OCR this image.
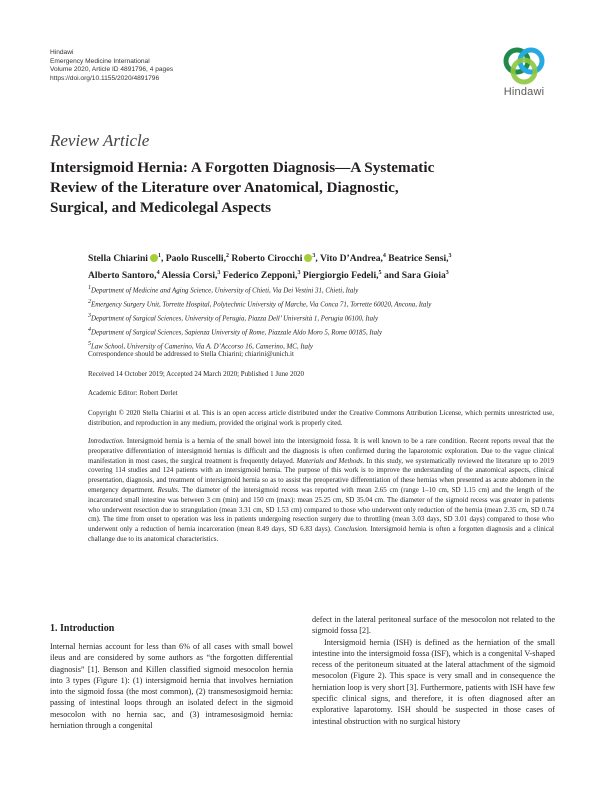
Hindawi
Emergency Medicine International
Volume 2020, Article ID 4891796, 4 pages
https://doi.org/10.1155/2020/4891796
Hindawi
Review Article
Intersigmoid Hernia: A Forgotten Diagnosis—A Systematic
Review of the Literature over Anatomical, Diagnostic,
Surgical, and Medicolegal Aspects
Stella Chiarini $^1$, Paolo Ruscelli,$^2$ Roberto Cirocchi $^3$, Vito D’Andrea,$^4$ Beatrice Sensi,$^3$
Alberto Santoro,$^4$ Alessia Corsi,$^3$ Federico Zepponi,$^3$ Piergiorgio Fedeli,$^5$ and Sara Gioia$^3$
$^1$Department of Medicine and Aging Science, University of Chieti, Via Dei Vestini 31, Chieti, Italy
$^2$Emergency Surgery Unit, Torrette Hospital, Polytechnic University of Marche, Via Conca 71, Torrette 60020, Ancona, Italy
$^3$Department of Surgical Sciences, University of Perugia, Piazza Dell’ Università 1, Perugia 06100, Italy
$^4$Department of Surgical Sciences, Sapienza University of Rome, Piazzale Aldo Moro 5, Rome 00185, Italy
$^5$Law School, University of Camerino, Via A. D’Accorso 16, Camerino, MC, Italy
Correspondence should be addressed to Stella Chiarini; chiarini@unich.it
Received 14 October 2019; Accepted 24 March 2020; Published 1 June 2020
Academic Editor: Robert Derlet
Copyright © 2020 Stella Chiarini et al. This is an open access article distributed under the Creative Commons Attribution License, which permits unrestricted use, distribution, and reproduction in any medium, provided the original work is properly cited.
Introduction. Intersigmoid hernia is a hernia of the small bowel into the intersigmoid fossa. It is well known to be a rare condition. Recent reports reveal that the preoperative differentiation of intersigmoid hernias is difficult and the diagnosis is often confirmed during the laparotomic exploration. Due to the vague clinical manifestation in most cases, the surgical treatment is frequently delayed. Materials and Methods. In this study, we systematically reviewed the literature up to 2019 covering 114 studies and 124 patients with an intersigmoid hernia. The purpose of this work is to improve the understanding of the anatomical aspects, clinical presentation, diagnosis, and treatment of intersigmoid hernia so as to assist the preoperative differentiation of these hernias when presented as acute abdomen in the emergency department. Results. The diameter of the intersigmoid recess was reported with mean 2.65 cm (range 1–10 cm, SD 1.15 cm) and the length of the incarcerated small intestine was between 3 cm (min) and 150 cm (max): mean 25.25 cm, SD 35.04 cm. The diameter of the sigmoid recess was greater in patients who underwent resection due to strangulation (mean 3.31 cm, SD 1.53 cm) compared to those who underwent only reduction of the hernia (mean 2.35 cm, SD 0.74 cm). The time from onset to operation was less in patients undergoing resection surgery due to throttling (mean 3.03 days, SD 3.01 days) compared to those who underwent only a reduction of hernia incarceration (mean 8.49 days, SD 6.83 days). Conclusion. Intersigmoid hernia is often a forgotten diagnosis and a clinical challange due to its anatomical characteristics.
1. Introduction

Internal hernias account for less than 6% of all cases with small bowel ileus and are considered by some authors as “the forgotten differential diagnosis” [1]. Benson and Killen classified sigmoid mesocolon hernia into 3 types (Figure 1): (1) intersigmoid hernia that involves herniation into the sigmoid fossa (the most common), (2) transmesosigmoid hernia: passing of intestinal loops through an isolated defect in the sigmoid mesocolon with no hernia sac, and (3) intramesosigmoid hernia: herniation through a congenital

defect in the lateral peritoneal surface of the mesocolon not related to the sigmoid fossa [2].

Intersigmoid hernia (ISH) is defined as the herniation of the small intestine into the intersigmoid fossa (ISF), which is a congenital V-shaped recess of the peritoneum situated at the lateral attachment of the sigmoid mesocolon (Figure 2). This space is very small and in consequence the herniation loop is very short [3]. Furthermore, patients with ISH have few specific clinical signs, and therefore, it is often diagnosed after an explorative laparotomy. ISH should be suspected in those cases of intestinal obstruction with no surgical history
